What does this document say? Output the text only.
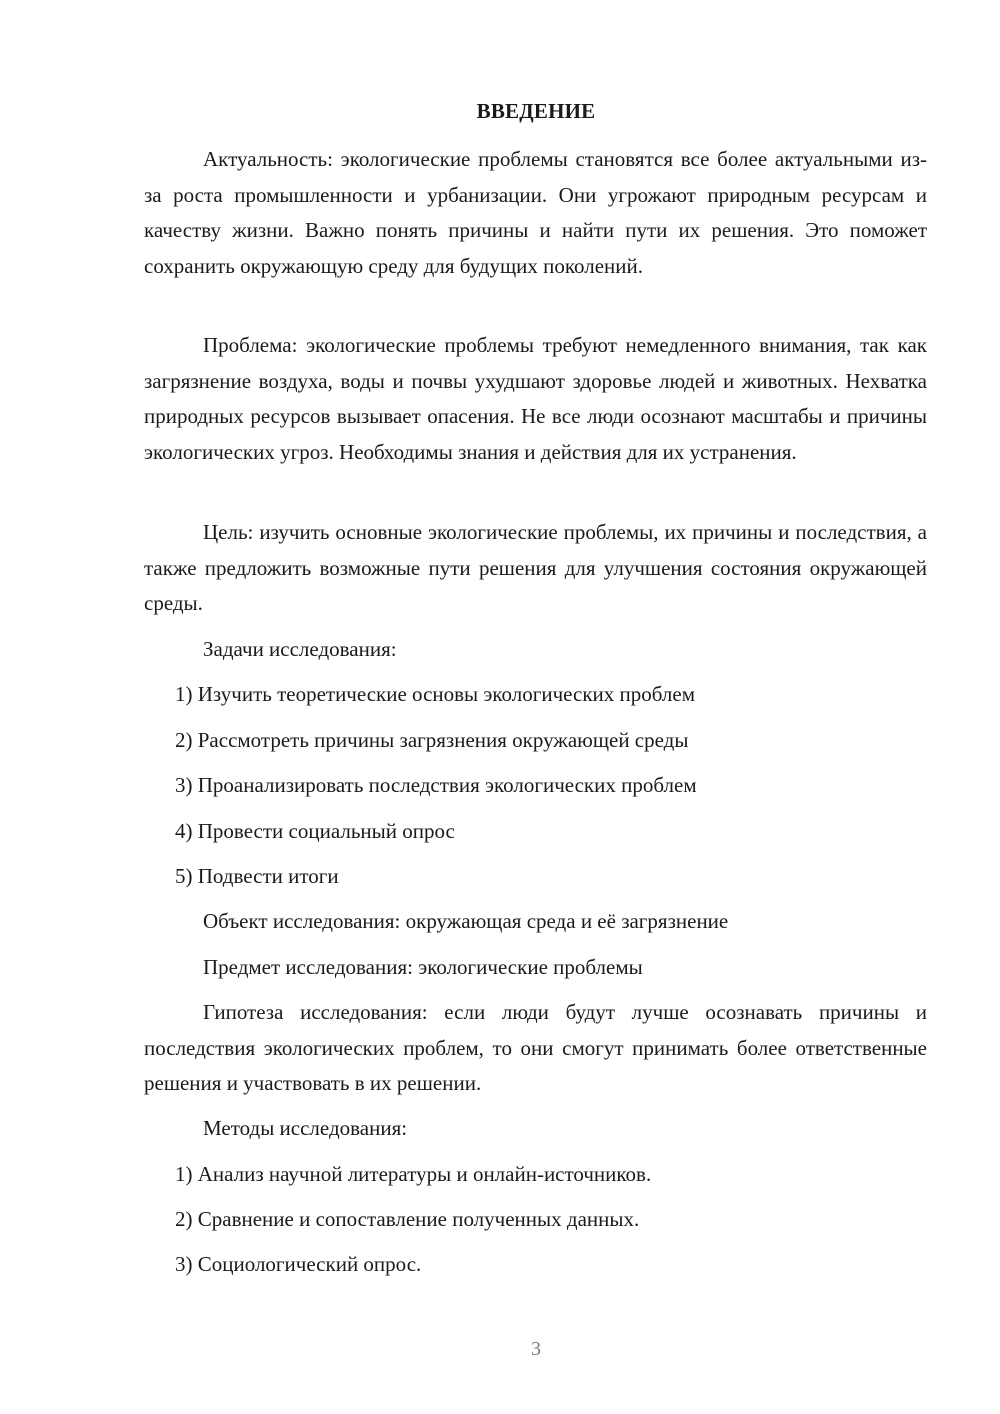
ВВЕДЕНИЕ

Актуальность: экологические проблемы становятся все более актуальными из-за роста промышленности и урбанизации. Они угрожают природным ресурсам и качеству жизни. Важно понять причины и найти пути их решения. Это поможет сохранить окружающую среду для будущих поколений.

Проблема: экологические проблемы требуют немедленного внимания, так как загрязнение воздуха, воды и почвы ухудшают здоровье людей и животных. Нехватка природных ресурсов вызывает опасения. Не все люди осознают масштабы и причины экологических угроз. Необходимы знания и действия для их устранения.

Цель: изучить основные экологические проблемы, их причины и последствия, а также предложить возможные пути решения для улучшения состояния окружающей среды.

Задачи исследования:

1) Изучить теоретические основы экологических проблем

2) Рассмотреть причины загрязнения окружающей среды

3) Проанализировать последствия экологических проблем

4) Провести социальный опрос

5) Подвести итоги

Объект исследования: окружающая среда и её загрязнение

Предмет исследования: экологические проблемы

Гипотеза исследования: если люди будут лучше осознавать причины и последствия экологических проблем, то они смогут принимать более ответственные решения и участвовать в их решении.

Методы исследования:

1) Анализ научной литературы и онлайн-источников.

2) Сравнение и сопоставление полученных данных.

3) Социологический опрос.

3
